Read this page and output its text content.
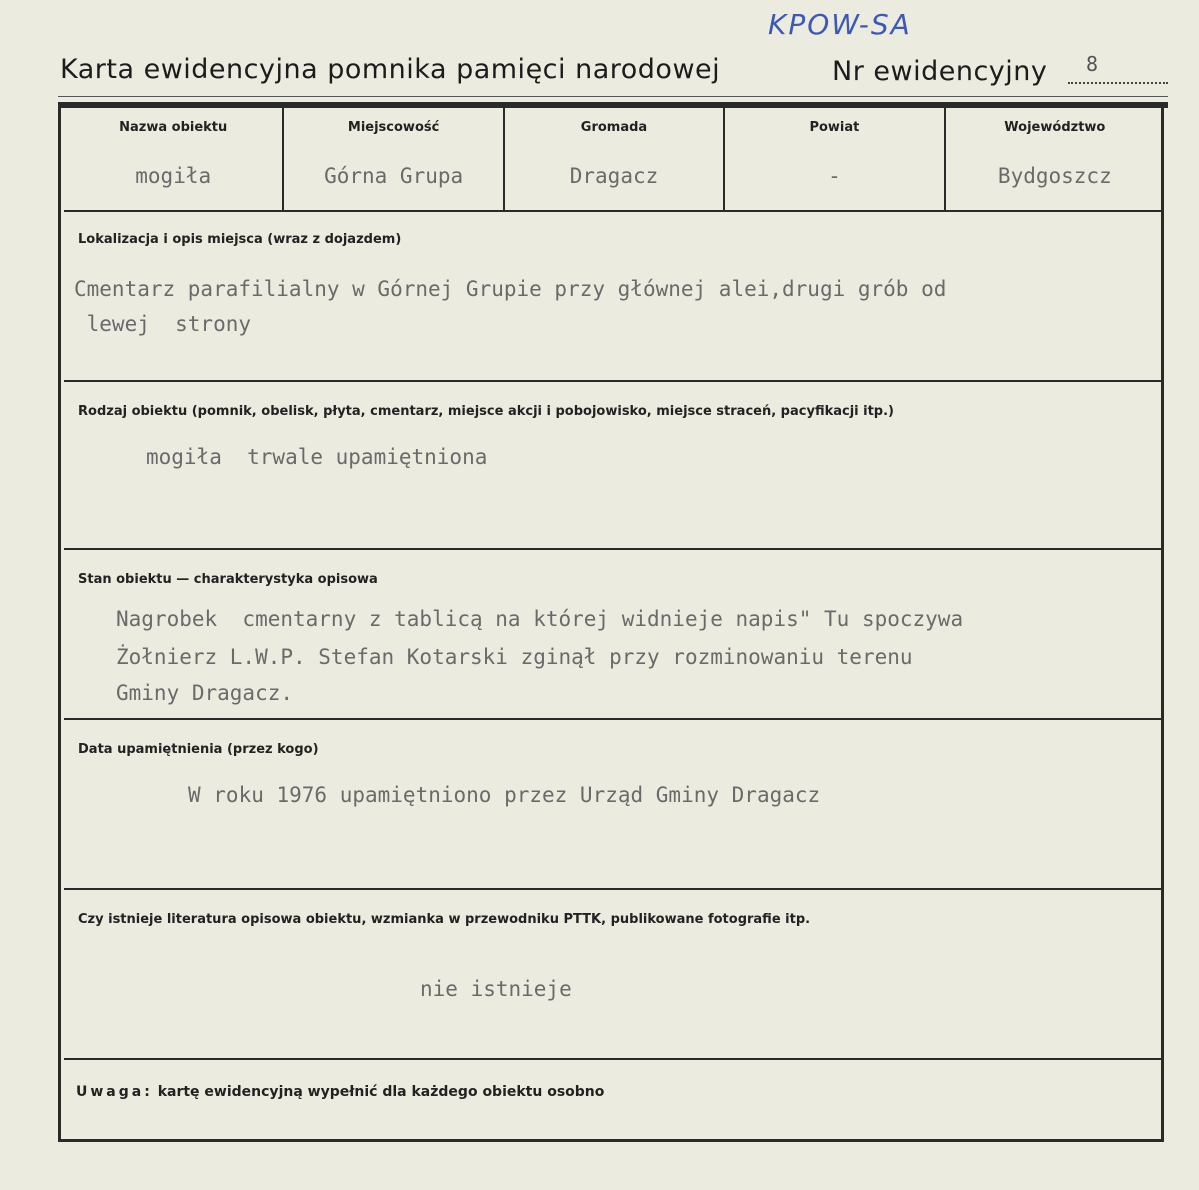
KPOW-SA
Karta ewidencyjna pomnika pamięci narodowej	Nr ewidencyjny 8
Nazwa obiektu
mogiła
Miejscowość
Górna Grupa
Gromada
Dragacz
Powiat
-
Województwo
Bydgoszcz
Lokalizacja i opis miejsca (wraz z dojazdem)
Cmentarz parafilialny w Górnej Grupie przy głównej alei,drugi grób od
lewej  strony
Rodzaj obiektu (pomnik, obelisk, płyta, cmentarz, miejsce akcji i pobojowisko, miejsce straceń, pacyfikacji itp.)
mogiła  trwale upamiętniona
Stan obiektu — charakterystyka opisowa
Nagrobek  cmentarny z tablicą na której widnieje napis" Tu spoczywa
Żołnierz L.W.P. Stefan Kotarski zginął przy rozminowaniu terenu
Gminy Dragacz.
Data upamiętnienia (przez kogo)
W roku 1976 upamiętniono przez Urząd Gminy Dragacz
Czy istnieje literatura opisowa obiektu, wzmianka w przewodniku PTTK, publikowane fotografie itp.
nie istnieje
Uwaga: kartę ewidencyjną wypełnić dla każdego obiektu osobno
